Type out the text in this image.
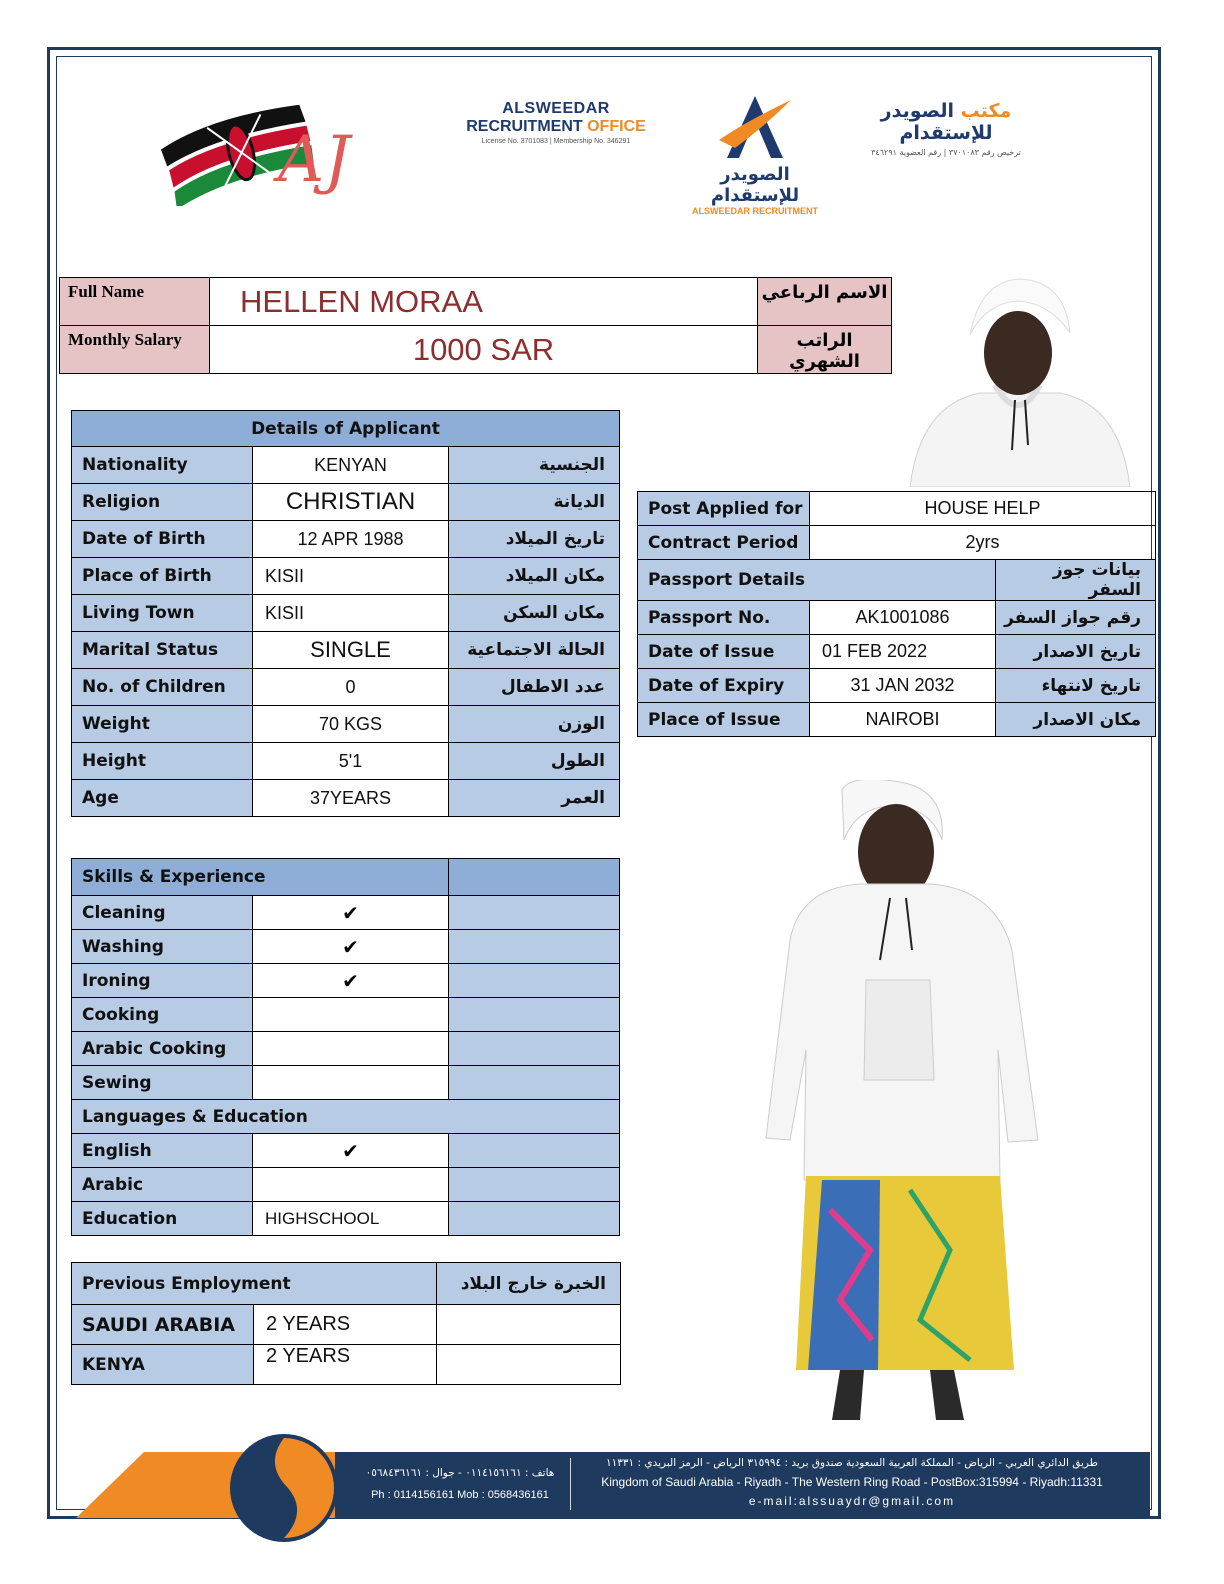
AJ
ALSWEEDAR
RECRUITMENT OFFICE
License No. 3701083 | Membership No. 346291
الصويدر للإستقدام
ALSWEEDAR RECRUITMENT
مكتب الصويدر للإستقدام
ترخيص رقم ٣٧٠١٠٨٣ | رقم العضوية ٣٤٦٢٩١
Full Name	HELLEN MORAA	الاسم الرباعي
Monthly Salary	1000 SAR	الراتب الشهري
Details of Applicant		
Nationality	KENYAN	الجنسية
Religion	CHRISTIAN	الديانة
Date of Birth	12 APR 1988	تاريخ الميلاد
Place of Birth	KISII	مكان الميلاد
Living Town	KISII	مكان السكن
Marital Status	SINGLE	الحالة الاجتماعية
No. of Children	0	عدد الاطفال
Weight	70 KGS	الوزن
Height	5'1	الطول
Age	37YEARS	العمر
Post Applied for	HOUSE HELP	
Contract Period	2yrs	
Passport Details		بيانات جوز السفر
Passport No.	AK1001086	رقم جواز السفر
Date of Issue	01 FEB 2022	تاريخ الاصدار
Date of Expiry	31 JAN 2032	تاريخ لانتهاء
Place of Issue	NAIROBI	مكان الاصدار
Skills & Experience		
Cleaning	✔	
Washing	✔	
Ironing	✔	
Cooking		
Arabic Cooking		
Sewing		
Languages & Education		
English	✔	
Arabic		
Education	HIGHSCHOOL	
Previous Employment		الخبرة خارج البلاد
SAUDI ARABIA	2 YEARS	
KENYA	2 YEARS	
هاتف : ٠١١٤١٥٦١٦١ - جوال : ٠٥٦٨٤٣٦١٦١
Ph : 0114156161 Mob : 0568436161
طريق الدائري الغربي - الرياض - المملكة العربية السعودية صندوق بريد : ٣١٥٩٩٤ الرياض - الرمز البريدي : ١١٣٣١
Kingdom of Saudi Arabia - Riyadh - The Western Ring Road - PostBox:315994 - Riyadh:11331
e-mail:alssuaydr@gmail.com
